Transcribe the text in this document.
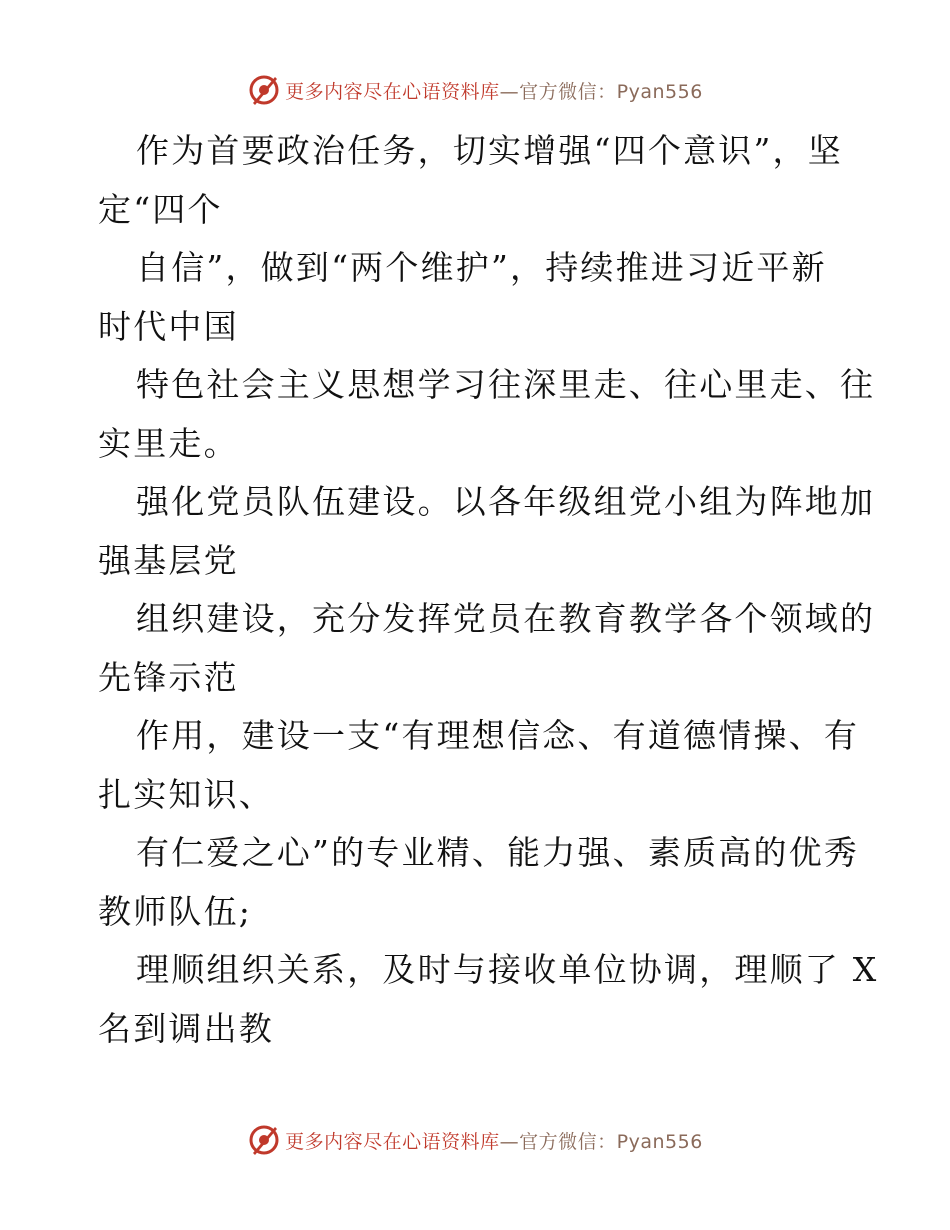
更多内容尽在心语资料库—官方微信：Pyan556
作为首要政治任务，切实增强“四个意识”，坚
定“四个
自信”，做到“两个维护”，持续推进习近平新
时代中国
特色社会主义思想学习往深里走、往心里走、往
实里走。
强化党员队伍建设。以各年级组党小组为阵地加
强基层党
组织建设，充分发挥党员在教育教学各个领域的
先锋示范
作用，建设一支“有理想信念、有道德情操、有
扎实知识、
有仁爱之心”的专业精、能力强、素质高的优秀
教师队伍;
理顺组织关系，及时与接收单位协调，理顺了 X
名到调出教
更多内容尽在心语资料库—官方微信：Pyan556
